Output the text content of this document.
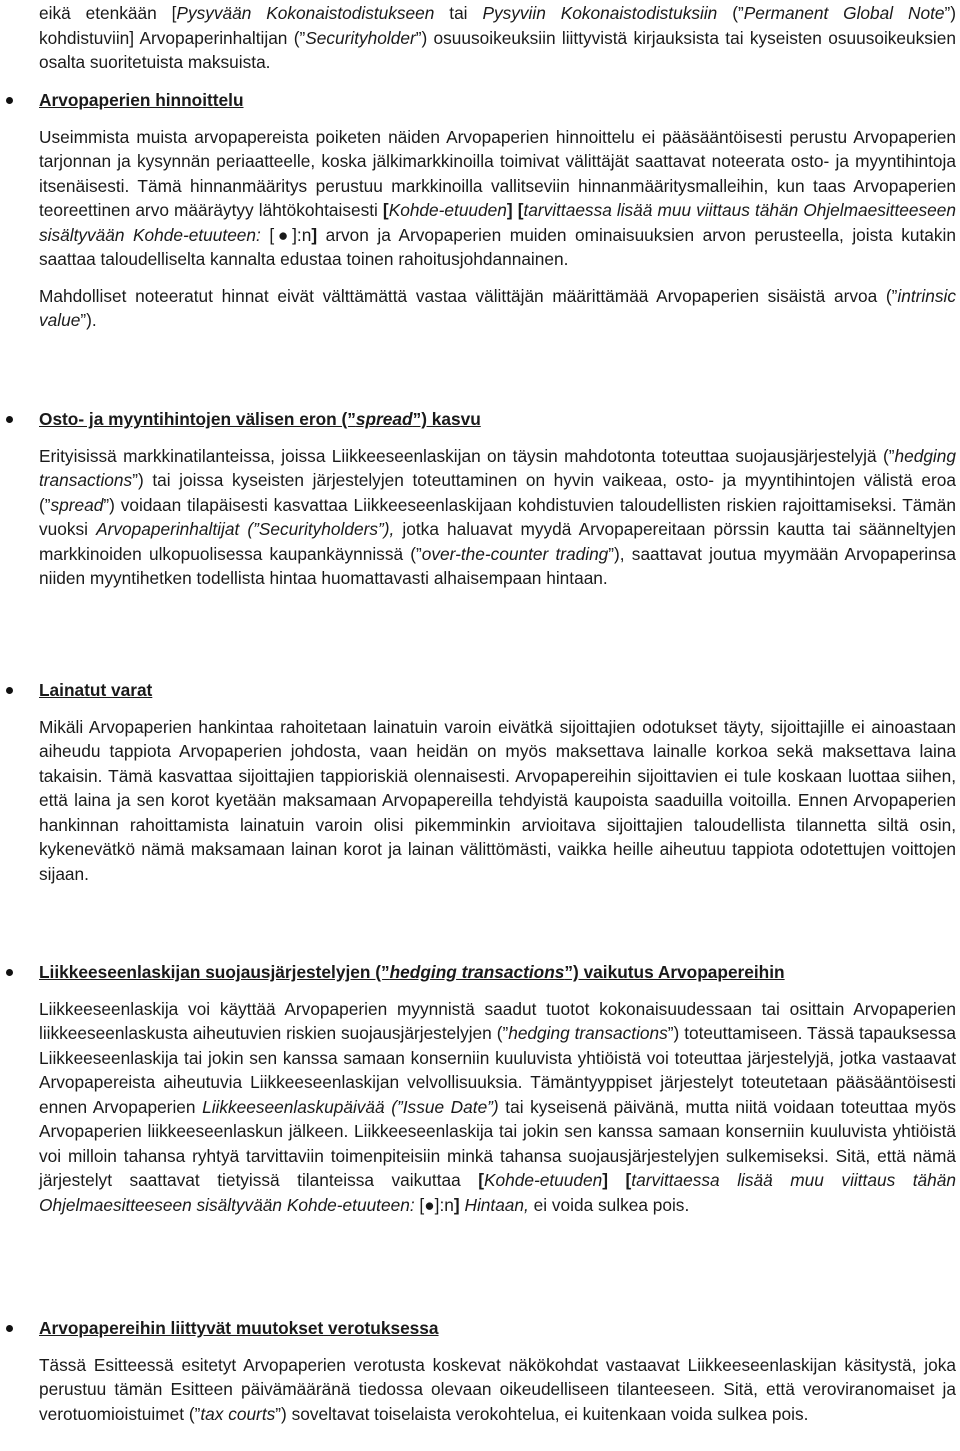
eikä etenkään [Pysyvään Kokonaistodistukseen tai Pysyviin Kokonaistodistuksiin (”Permanent Global Note”) kohdistuviin] Arvopaperinhaltijan (”Securityholder”) osuusoikeuksiin liittyvistä kirjauksista tai kyseisten osuusoikeuksien osalta suoritetuista maksuista.

Arvopaperien hinnoittelu

Useimmista muista arvopapereista poiketen näiden Arvopaperien hinnoittelu ei pääsääntöisesti perustu Arvopaperien tarjonnan ja kysynnän periaatteelle, koska jälkimarkkinoilla toimivat välittäjät saattavat noteerata osto- ja myyntihintoja itsenäisesti. Tämä hinnanmääritys perustuu markkinoilla vallitseviin hinnanmääritysmalleihin, kun taas Arvopaperien teoreettinen arvo määräytyy lähtökohtaisesti [Kohde-etuuden] [tarvittaessa lisää muu viittaus tähän Ohjelmaesitteeseen sisältyvään Kohde-etuuteen: [●]:n] arvon ja Arvopaperien muiden ominaisuuksien arvon perusteella, joista kutakin saattaa taloudelliselta kannalta edustaa toinen rahoitusjohdannainen.

Mahdolliset noteeratut hinnat eivät välttämättä vastaa välittäjän määrittämää Arvopaperien sisäistä arvoa (”intrinsic value”).

Osto- ja myyntihintojen välisen eron (”spread”) kasvu

Erityisissä markkinatilanteissa, joissa Liikkeeseenlaskijan on täysin mahdotonta toteuttaa suojausjärjestelyjä (”hedging transactions”) tai joissa kyseisten järjestelyjen toteuttaminen on hyvin vaikeaa, osto- ja myyntihintojen välistä eroa (”spread”) voidaan tilapäisesti kasvattaa Liikkeeseenlaskijaan kohdistuvien taloudellisten riskien rajoittamiseksi. Tämän vuoksi Arvopaperinhaltijat (”Securityholders”), jotka haluavat myydä Arvopapereitaan pörssin kautta tai säänneltyjen markkinoiden ulkopuolisessa kaupankäynnissä (”over-the-counter trading”), saattavat joutua myymään Arvopaperinsa niiden myyntihetken todellista hintaa huomattavasti alhaisempaan hintaan.

Lainatut varat

Mikäli Arvopaperien hankintaa rahoitetaan lainatuin varoin eivätkä sijoittajien odotukset täyty, sijoittajille ei ainoastaan aiheudu tappiota Arvopaperien johdosta, vaan heidän on myös maksettava lainalle korkoa sekä maksettava laina takaisin. Tämä kasvattaa sijoittajien tappioriskiä olennaisesti. Arvopapereihin sijoittavien ei tule koskaan luottaa siihen, että laina ja sen korot kyetään maksamaan Arvopapereilla tehdyistä kaupoista saaduilla voitoilla. Ennen Arvopaperien hankinnan rahoittamista lainatuin varoin olisi pikemminkin arvioitava sijoittajien taloudellista tilannetta siltä osin, kykenevätkö nämä maksamaan lainan korot ja lainan välittömästi, vaikka heille aiheutuu tappiota odotettujen voittojen sijaan.

Liikkeeseenlaskijan suojausjärjestelyjen (”hedging transactions”) vaikutus Arvopapereihin

Liikkeeseenlaskija voi käyttää Arvopaperien myynnistä saadut tuotot kokonaisuudessaan tai osittain Arvopaperien liikkeeseenlaskusta aiheutuvien riskien suojausjärjestelyjen (”hedging transactions”) toteuttamiseen. Tässä tapauksessa Liikkeeseenlaskija tai jokin sen kanssa samaan konserniin kuuluvista yhtiöistä voi toteuttaa järjestelyjä, jotka vastaavat Arvopapereista aiheutuvia Liikkeeseenlaskijan velvollisuuksia. Tämäntyyppiset järjestelyt toteutetaan pääsääntöisesti ennen Arvopaperien Liikkeeseenlaskupäivää (”Issue Date”) tai kyseisenä päivänä, mutta niitä voidaan toteuttaa myös Arvopaperien liikkeeseenlaskun jälkeen. Liikkeeseenlaskija tai jokin sen kanssa samaan konserniin kuuluvista yhtiöistä voi milloin tahansa ryhtyä tarvittaviin toimenpiteisiin minkä tahansa suojausjärjestelyjen sulkemiseksi. Sitä, että nämä järjestelyt saattavat tietyissä tilanteissa vaikuttaa [Kohde-etuuden] [tarvittaessa lisää muu viittaus tähän Ohjelmaesitteeseen sisältyvään Kohde-etuuteen: [●]:n] Hintaan, ei voida sulkea pois.

Arvopapereihin liittyvät muutokset verotuksessa

Tässä Esitteessä esitetyt Arvopaperien verotusta koskevat näkökohdat vastaavat Liikkeeseenlaskijan käsitystä, joka perustuu tämän Esitteen päivämääränä tiedossa olevaan oikeudelliseen tilanteeseen. Sitä, että veroviranomaiset ja verotuomioistuimet (”tax courts”) soveltavat toiselaista verokohtelua, ei kuitenkaan voida sulkea pois.
